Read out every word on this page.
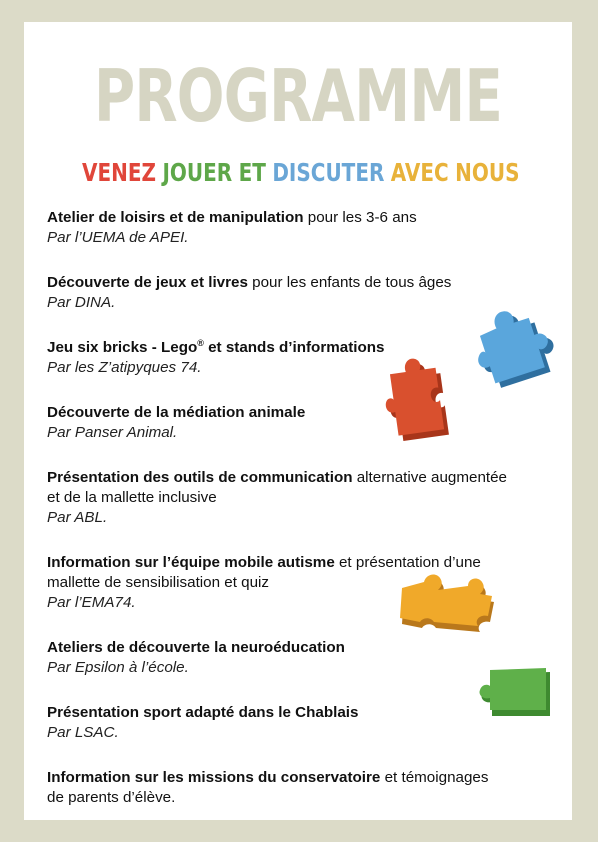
PROGRAMME
VENEZ JOUER ET DISCUTER AVEC NOUS
Atelier de loisirs et de manipulation pour les 3-6 ans
Par l’UEMA de APEI.
Découverte de jeux et livres pour les enfants de tous âges
Par DINA.
Jeu six bricks - Lego® et stands d’informations
Par les Z’atipyques 74.
Découverte de la médiation animale
Par Panser Animal.
Présentation des outils de communication alternative augmentée
et de la mallette inclusive
Par ABL.
Information sur l’équipe mobile autisme et présentation d’une
mallette de sensibilisation et quiz
Par l’EMA74.
Ateliers de découverte la neuroéducation
Par Epsilon à l’école.
Présentation sport adapté dans le Chablais
Par LSAC.
Information sur les missions du conservatoire et témoignages
de parents d’élève.
